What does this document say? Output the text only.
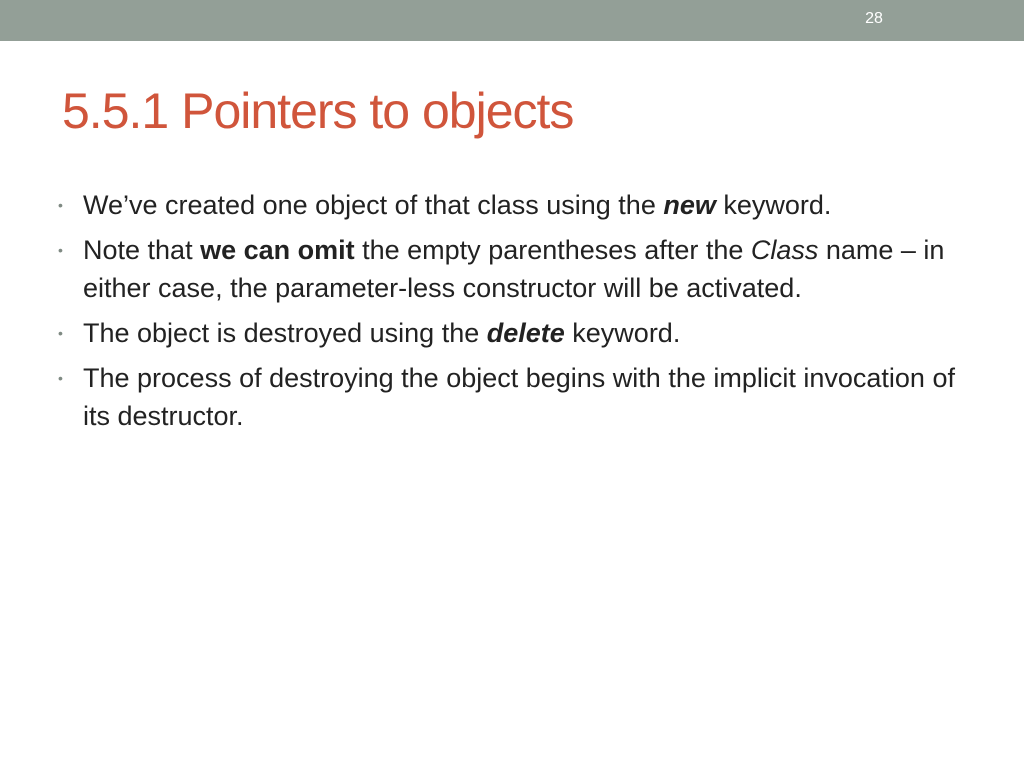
28
5.5.1 Pointers to objects
• We’ve created one object of that class using the new keyword.
• Note that we can omit the empty parentheses after the Class name – in either case, the parameter-less constructor will be activated.
• The object is destroyed using the delete keyword.
• The process of destroying the object begins with the implicit invocation of its destructor.
